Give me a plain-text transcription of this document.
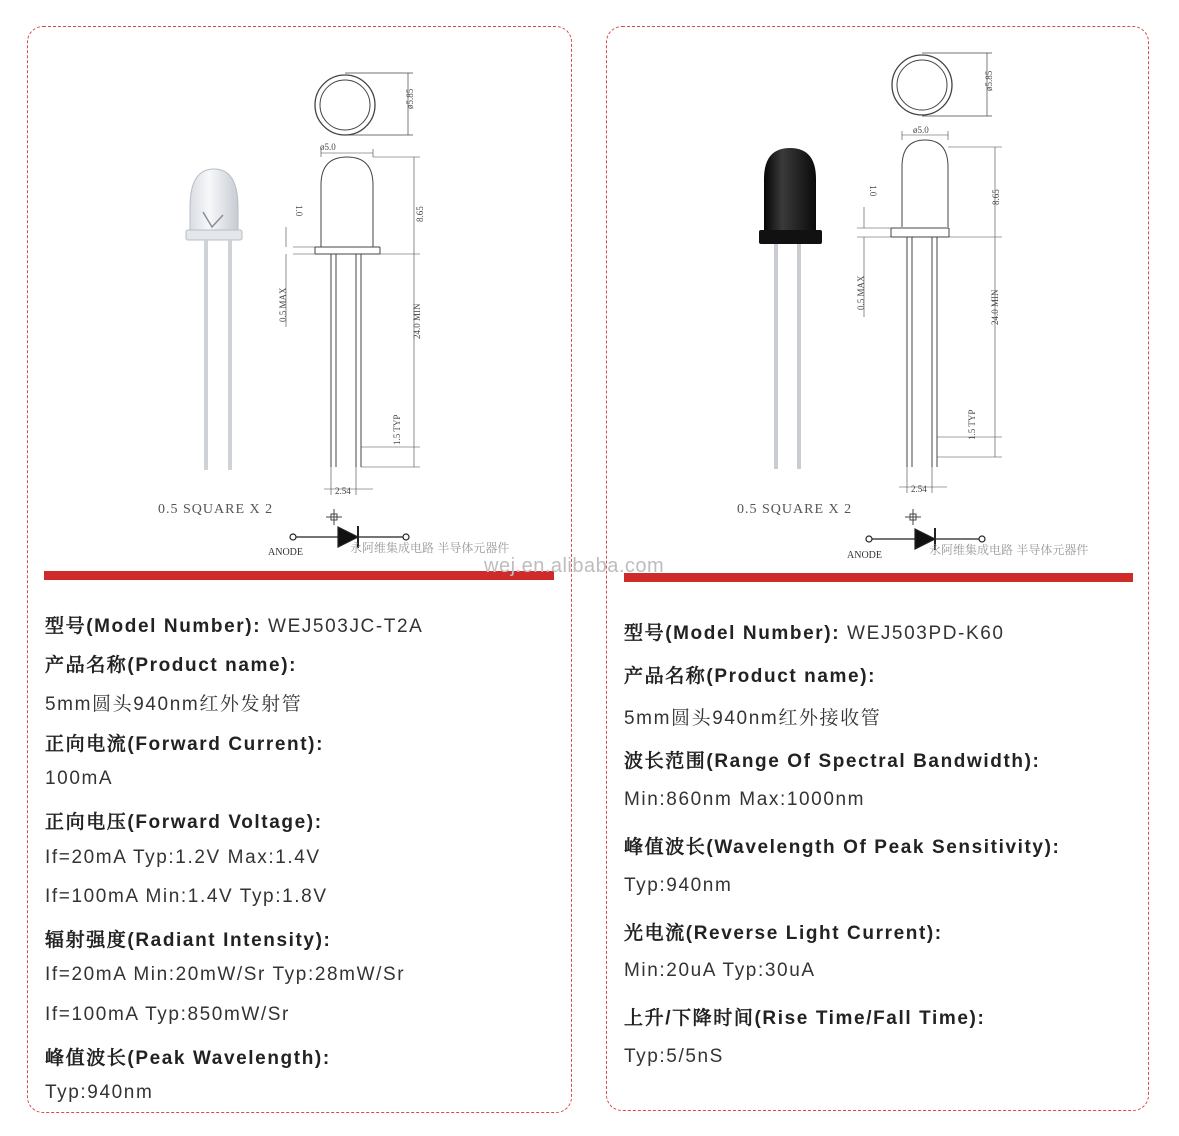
ø5.85
ø5.0
8.65
1.0
0.5 MAX	24.0 MIN
1.5 TYP
2.54
0.5 SQUARE X 2
ANODE	永阿维集成电路 半导体元器件
型号(Model Number): WEJ503JC-T2A
产品名称(Product name):
5mm圆头940nm红外发射管
正向电流(Forward Current):
100mA
正向电压(Forward Voltage):
If=20mA Typ:1.2V Max:1.4V
If=100mA Min:1.4V Typ:1.8V
辐射强度(Radiant Intensity):
If=20mA Min:20mW/Sr Typ:28mW/Sr
If=100mA Typ:850mW/Sr
峰值波长(Peak Wavelength):
Typ:940nm
ø5.85
ø5.0
8.65
1.0
0.5 MAX	24.0 MIN
1.5 TYP
2.54
0.5 SQUARE X 2
ANODE	永阿维集成电路 半导体元器件
型号(Model Number): WEJ503PD-K60
产品名称(Product name):
5mm圆头940nm红外接收管
波长范围(Range Of Spectral Bandwidth):
Min:860nm Max:1000nm
峰值波长(Wavelength Of Peak Sensitivity):
Typ:940nm
光电流(Reverse Light Current):
Min:20uA Typ:30uA
上升/下降时间(Rise Time/Fall Time):
Typ:5/5nS
wej.en.alibaba.com
